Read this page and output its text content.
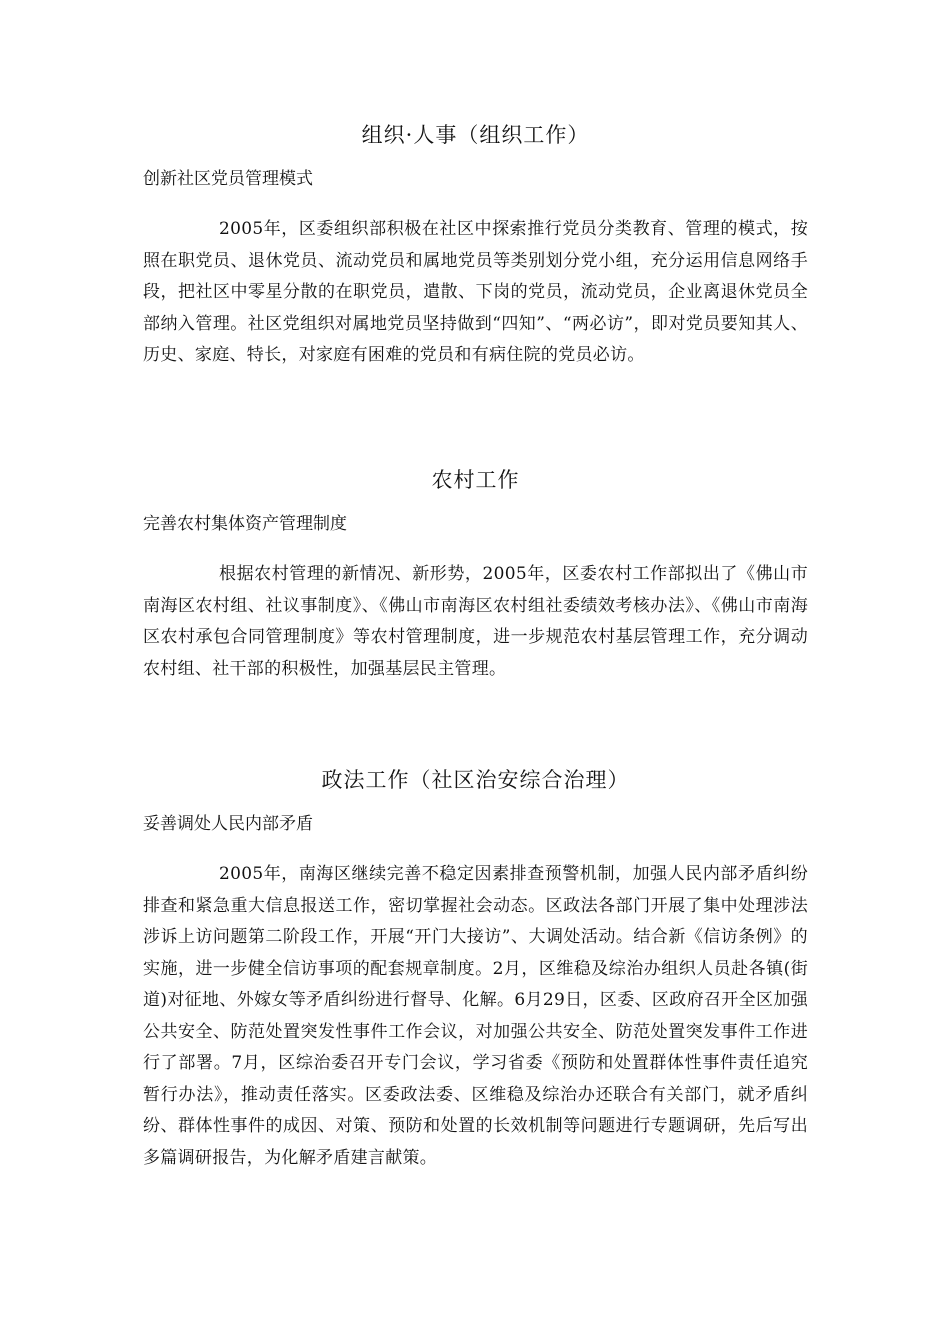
组织·人事（组织工作）

创新社区党员管理模式

2005年，区委组织部积极在社区中探索推行党员分类教育、管理的模式，按照在职党员、退休党员、流动党员和属地党员等类别划分党小组，充分运用信息网络手段，把社区中零星分散的在职党员，遣散、下岗的党员，流动党员，企业离退休党员全部纳入管理。社区党组织对属地党员坚持做到“四知”、“两必访”，即对党员要知其人、历史、家庭、特长，对家庭有困难的党员和有病住院的党员必访。

农村工作

完善农村集体资产管理制度

根据农村管理的新情况、新形势，2005年，区委农村工作部拟出了《佛山市南海区农村组、社议事制度》、《佛山市南海区农村组社委绩效考核办法》、《佛山市南海区农村承包合同管理制度》等农村管理制度，进一步规范农村基层管理工作，充分调动农村组、社干部的积极性，加强基层民主管理。

政法工作（社区治安综合治理）

妥善调处人民内部矛盾

2005年，南海区继续完善不稳定因素排查预警机制，加强人民内部矛盾纠纷排查和紧急重大信息报送工作，密切掌握社会动态。区政法各部门开展了集中处理涉法涉诉上访问题第二阶段工作，开展“开门大接访”、大调处活动。结合新《信访条例》的实施，进一步健全信访事项的配套规章制度。2月，区维稳及综治办组织人员赴各镇(街道)对征地、外嫁女等矛盾纠纷进行督导、化解。6月29日，区委、区政府召开全区加强公共安全、防范处置突发性事件工作会议，对加强公共安全、防范处置突发事件工作进行了部署。7月，区综治委召开专门会议，学习省委《预防和处置群体性事件责任追究暂行办法》，推动责任落实。区委政法委、区维稳及综治办还联合有关部门，就矛盾纠纷、群体性事件的成因、对策、预防和处置的长效机制等问题进行专题调研，先后写出多篇调研报告，为化解矛盾建言献策。
